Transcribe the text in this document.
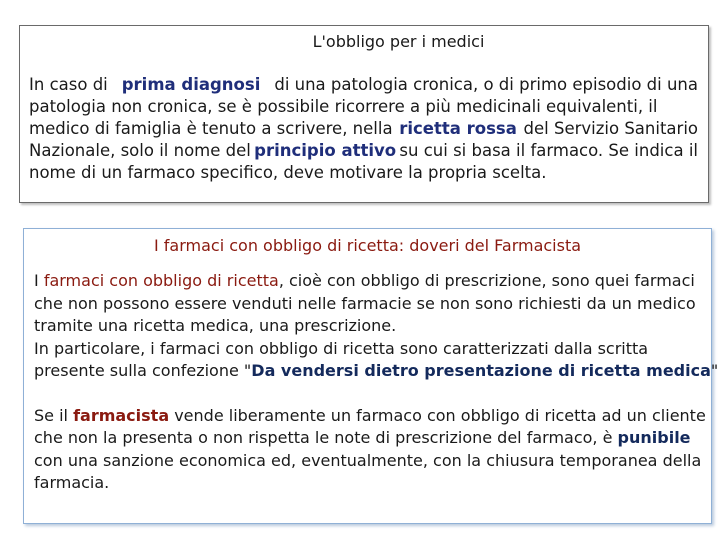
L'obbligo per i medici
In caso di prima diagnosi di una patologia cronica, o di primo episodio di una
patologia non cronica, se è possibile ricorrere a più medicinali equivalenti, il
medico di famiglia è tenuto a scrivere, nella ricetta rossa del Servizio Sanitario
Nazionale, solo il nome del principio attivo su cui si basa il farmaco. Se indica il
nome di un farmaco specifico, deve motivare la propria scelta.
I farmaci con obbligo di ricetta: doveri del Farmacista
I farmaci con obbligo di ricetta, cioè con obbligo di prescrizione, sono quei farmaci
che non possono essere venduti nelle farmacie se non sono richiesti da un medico
tramite una ricetta medica, una prescrizione.
In particolare, i farmaci con obbligo di ricetta sono caratterizzati dalla scritta
presente sulla confezione "Da vendersi dietro presentazione di ricetta medica"
Se il farmacista vende liberamente un farmaco con obbligo di ricetta ad un cliente
che non la presenta o non rispetta le note di prescrizione del farmaco, è punibile
con una sanzione economica ed, eventualmente, con la chiusura temporanea della
farmacia.
